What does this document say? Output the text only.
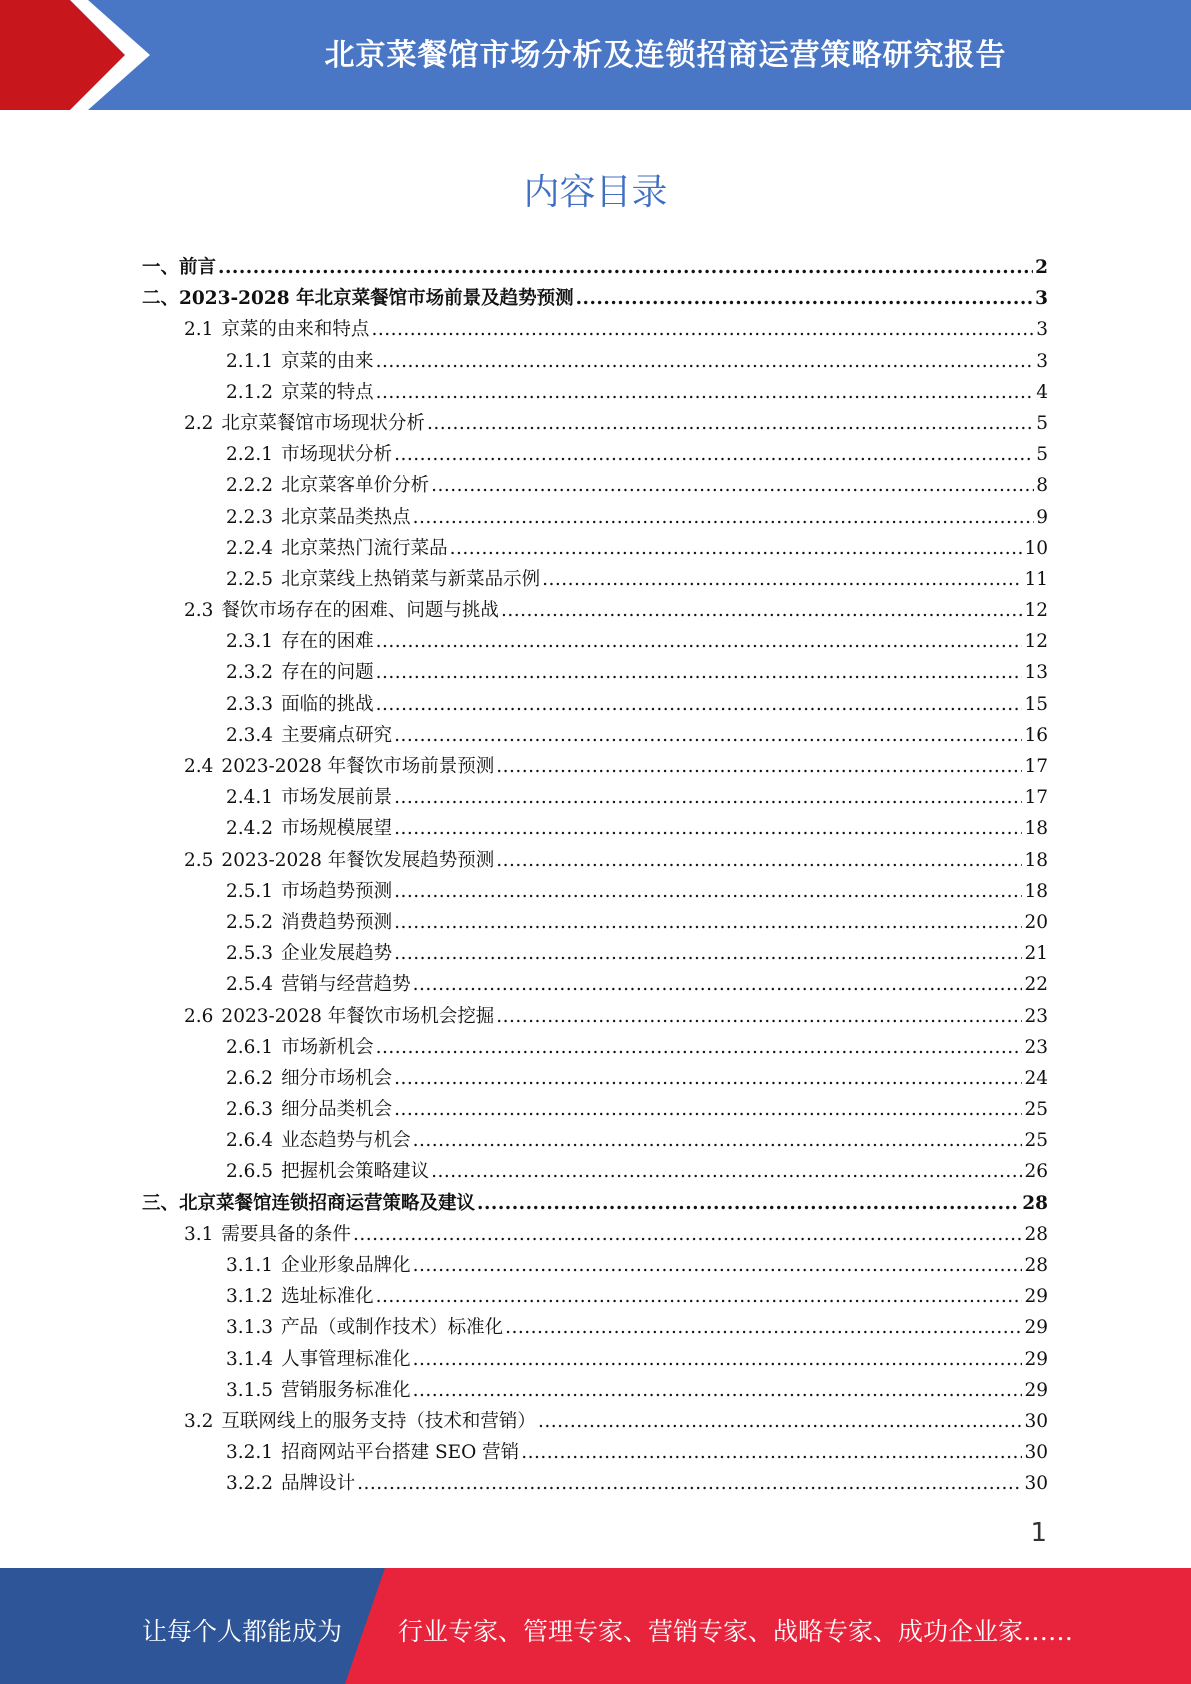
北京菜餐馆市场分析及连锁招商运营策略研究报告
内容目录
一、前言 .....	2
二、2023-2028 年北京菜餐馆市场前景及趋势预测 .....	3
2.1 京菜的由来和特点 .....	3
2.1.1 京菜的由来 .....	3
2.1.2 京菜的特点 .....	4
2.2 北京菜餐馆市场现状分析 .....	5
2.2.1 市场现状分析 .....	5
2.2.2 北京菜客单价分析 .....	8
2.2.3 北京菜品类热点 .....	9
2.2.4 北京菜热门流行菜品 .....	10
2.2.5 北京菜线上热销菜与新菜品示例 .....	11
2.3 餐饮市场存在的困难、问题与挑战 .....	12
2.3.1 存在的困难 .....	12
2.3.2 存在的问题 .....	13
2.3.3 面临的挑战 .....	15
2.3.4 主要痛点研究 .....	16
2.4 2023-2028 年餐饮市场前景预测 .....	17
2.4.1 市场发展前景 .....	17
2.4.2 市场规模展望 .....	18
2.5 2023-2028 年餐饮发展趋势预测 .....	18
2.5.1 市场趋势预测 .....	18
2.5.2 消费趋势预测 .....	20
2.5.3 企业发展趋势 .....	21
2.5.4 营销与经营趋势 .....	22
2.6 2023-2028 年餐饮市场机会挖掘 .....	23
2.6.1 市场新机会 .....	23
2.6.2 细分市场机会 .....	24
2.6.3 细分品类机会 .....	25
2.6.4 业态趋势与机会 .....	25
2.6.5 把握机会策略建议 .....	26
三、北京菜餐馆连锁招商运营策略及建议 .....	28
3.1 需要具备的条件 .....	28
3.1.1 企业形象品牌化 .....	28
3.1.2 选址标准化 .....	29
3.1.3 产品（或制作技术）标准化 .....	29
3.1.4 人事管理标准化 .....	29
3.1.5 营销服务标准化 .....	29
3.2 互联网线上的服务支持（技术和营销） .....	30
3.2.1 招商网站平台搭建 SEO 营销 .....	30
3.2.2 品牌设计 .....	30
1
让每个人都能成为 行业专家、管理专家、营销专家、战略专家、成功企业家……
